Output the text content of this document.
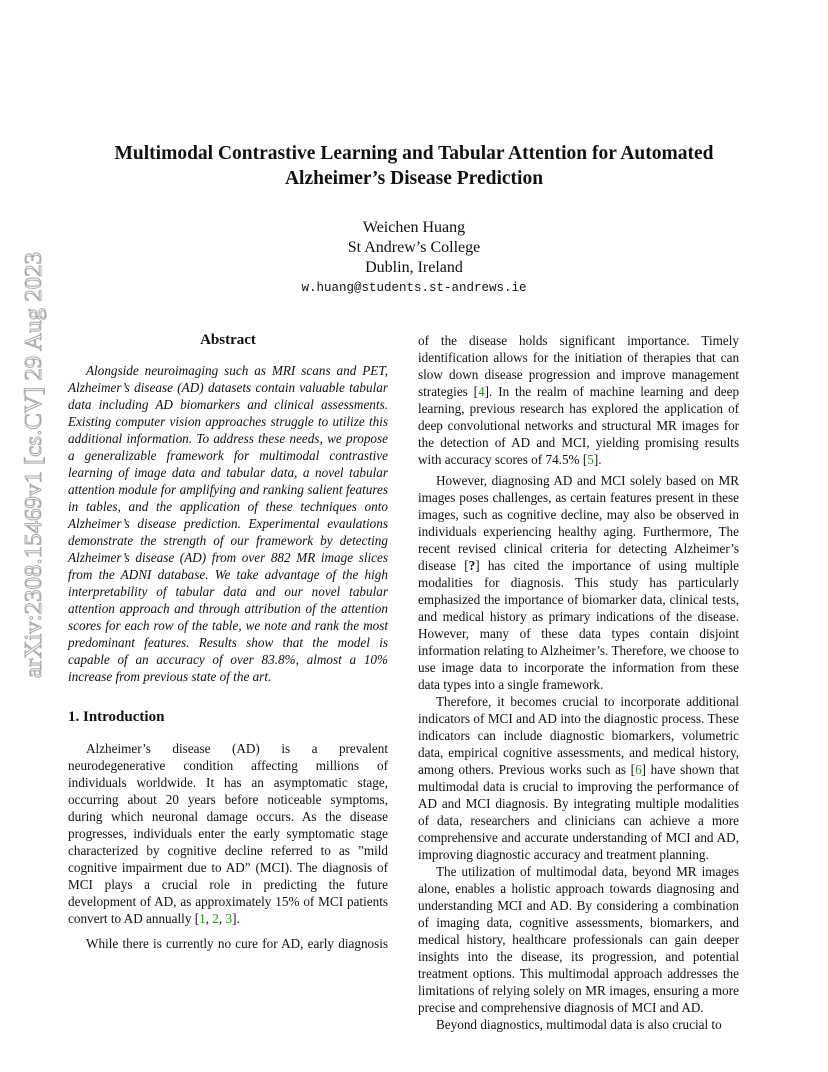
arXiv:2308.15469v1 [cs.CV] 29 Aug 2023
Multimodal Contrastive Learning and Tabular Attention for Automated
Alzheimer’s Disease Prediction
Weichen Huang
St Andrew’s College
Dublin, Ireland
w.huang@students.st-andrews.ie
Abstract
Alongside neuroimaging such as MRI scans and PET, Alzheimer’s disease (AD) datasets contain valuable tabular data including AD biomarkers and clinical assessments. Existing computer vision approaches struggle to utilize this additional information. To address these needs, we propose a generalizable framework for multimodal contrastive learning of image data and tabular data, a novel tabular attention module for amplifying and ranking salient features in tables, and the application of these techniques onto Alzheimer’s disease prediction. Experimental evaulations demonstrate the strength of our framework by detecting Alzheimer’s disease (AD) from over 882 MR image slices from the ADNI database. We take advantage of the high interpretability of tabular data and our novel tabular attention approach and through attribution of the attention scores for each row of the table, we note and rank the most predominant features. Results show that the model is capable of an accuracy of over 83.8%, almost a 10% increase from previous state of the art.
1. Introduction

Alzheimer’s disease (AD) is a prevalent neurodegenerative condition affecting millions of individuals worldwide. It has an asymptomatic stage, occurring about 20 years before noticeable symptoms, during which neuronal damage occurs. As the disease progresses, individuals enter the early symptomatic stage characterized by cognitive decline referred to as ”mild cognitive impairment due to AD” (MCI). The diagnosis of MCI plays a crucial role in predicting the future development of AD, as approximately 15% of MCI patients convert to AD annually [1, 2, 3].

While there is currently no cure for AD, early diagnosis

of the disease holds significant importance. Timely identification allows for the initiation of therapies that can slow down disease progression and improve management strategies [4]. In the realm of machine learning and deep learning, previous research has explored the application of deep convolutional networks and structural MR images for the detection of AD and MCI, yielding promising results with accuracy scores of 74.5% [5].

However, diagnosing AD and MCI solely based on MR images poses challenges, as certain features present in these images, such as cognitive decline, may also be observed in individuals experiencing healthy aging. Furthermore, The recent revised clinical criteria for detecting Alzheimer’s disease [?] has cited the importance of using multiple modalities for diagnosis. This study has particularly emphasized the importance of biomarker data, clinical tests, and medical history as primary indications of the disease. However, many of these data types contain disjoint information relating to Alzheimer’s. Therefore, we choose to use image data to incorporate the information from these data types into a single framework.

Therefore, it becomes crucial to incorporate additional indicators of MCI and AD into the diagnostic process. These indicators can include diagnostic biomarkers, volumetric data, empirical cognitive assessments, and medical history, among others. Previous works such as [6] have shown that multimodal data is crucial to improving the performance of AD and MCI diagnosis. By integrating multiple modalities of data, researchers and clinicians can achieve a more comprehensive and accurate understanding of MCI and AD, improving diagnostic accuracy and treatment planning.

The utilization of multimodal data, beyond MR images alone, enables a holistic approach towards diagnosing and understanding MCI and AD. By considering a combination of imaging data, cognitive assessments, biomarkers, and medical history, healthcare professionals can gain deeper insights into the disease, its progression, and potential treatment options. This multimodal approach addresses the limitations of relying solely on MR images, ensuring a more precise and comprehensive diagnosis of MCI and AD.

Beyond diagnostics, multimodal data is also crucial to
